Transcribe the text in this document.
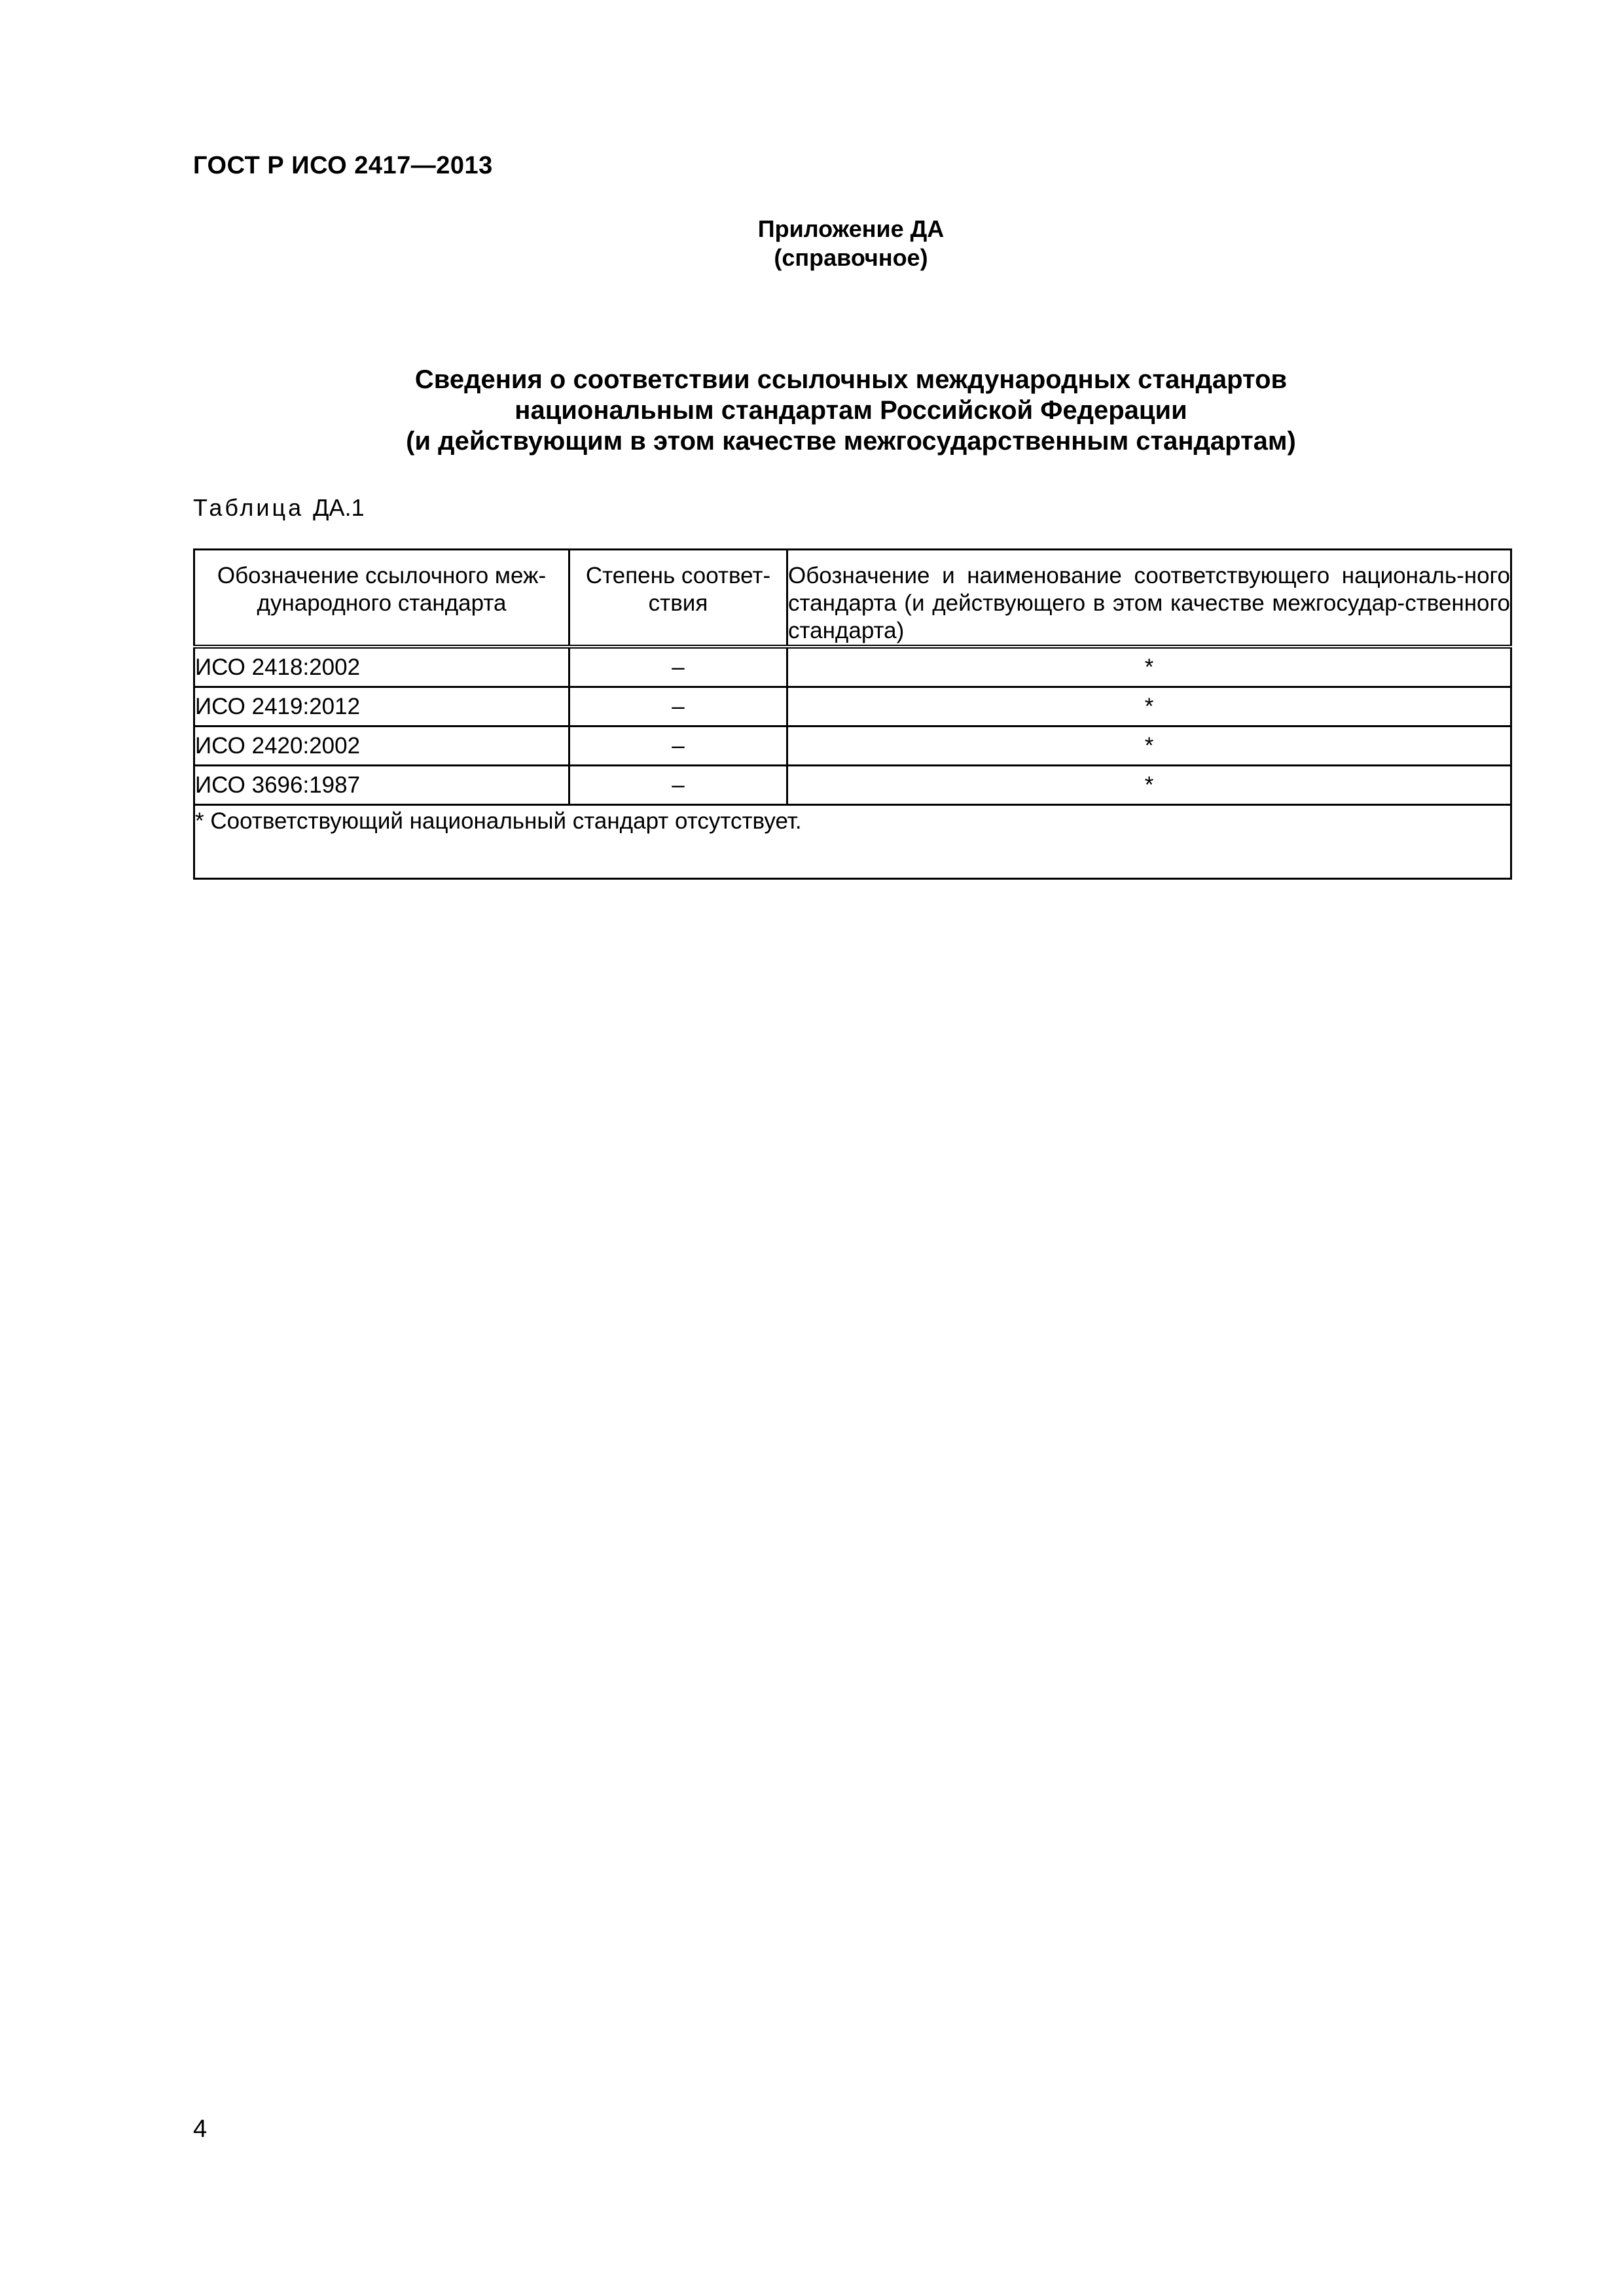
ГОСТ Р ИСО 2417—2013
Приложение ДА
(справочное)
Сведения о соответствии ссылочных международных стандартов
национальным стандартам Российской Федерации
(и действующим в этом качестве межгосударственным стандартам)
Таблица ДА.1
Обозначение ссылочного меж-дународного стандарта	Степень соответ-ствия	Обозначение и наименование соответствующего националь-ного стандарта (и действующего в этом качестве межгосудар-ственного стандарта)
ИСО 2418:2002	–	*
ИСО 2419:2012	–	*
ИСО 2420:2002	–	*
ИСО 3696:1987	–	*
* Соответствующий национальный стандарт отсутствует.		
4
